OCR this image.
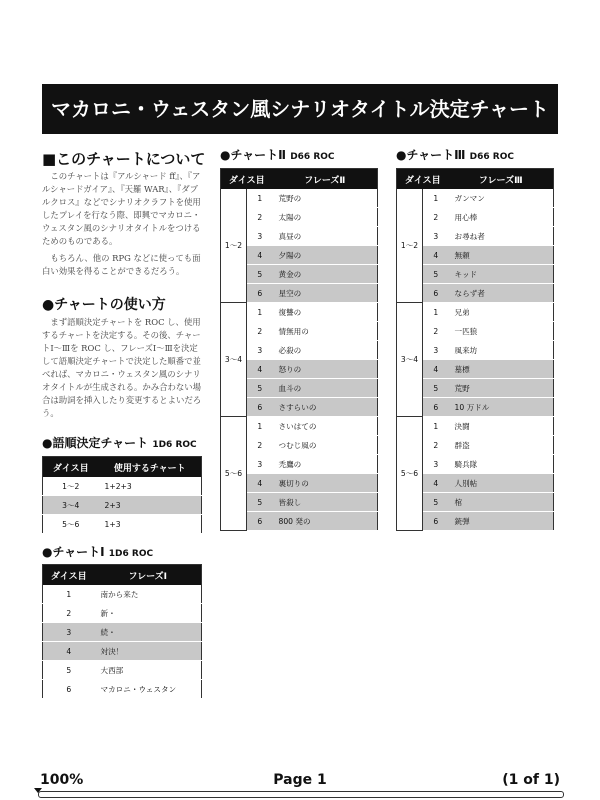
マカロニ・ウェスタン風シナリオタイトル決定チャート
■このチャートについて

このチャートは『アルシャード ff』、『アルシャードガイア』、『天羅 WAR』、『ダブルクロス』などでシナリオクラフトを使用したプレイを行なう際、即興でマカロニ・ウェスタン風のシナリオタイトルをつけるためのものである。

もちろん、他の RPG などに使っても面白い効果を得ることができるだろう。

●チャートの使い方

まず語順決定チャートを ROC し、使用するチャートを決定する。その後、チャートⅠ～Ⅲを ROC し、フレーズⅠ～Ⅲを決定して語順決定チャートで決定した順番で並べれば、マカロニ・ウェスタン風のシナリオタイトルが生成される。かみ合わない場合は助詞を挿入したり変更するとよいだろう。

●語順決定チャート 1D6 ROC
ダイス目	使用するチャート
1～2	1+2+3
3～4	2+3
5～6	1+3
●チャートⅠ 1D6 ROC
ダイス目	フレーズⅠ
1	南から来た
2	新・
3	続・
4	対決！
5	大西部
6	マカロニ・ウェスタン
●チャートⅡ D66 ROC
ダイス目		フレーズⅡ
1～2	1	荒野の
	2	太陽の
	3	真昼の
	4	夕陽の
	5	黄金の
	6	星空の
3～4	1	復讐の
	2	情無用の
	3	必殺の
	4	怒りの
	5	血斗の
	6	さすらいの
5～6	1	さいはての
	2	つむじ風の
	3	禿鷹の
	4	裏切りの
	5	皆殺し
	6	800 発の
●チャートⅢ D66 ROC
ダイス目		フレーズⅢ
1～2	1	ガンマン
	2	用心棒
	3	お尋ね者
	4	無頼
	5	キッド
	6	ならず者
3～4	1	兄弟
	2	一匹狼
	3	風来坊
	4	墓標
	5	荒野
	6	10 万ドル
5～6	1	決闘
	2	群盗
	3	騎兵隊
	4	人別帖
	5	棺
	6	銃弾
100%	Page 1	(1 of 1)
